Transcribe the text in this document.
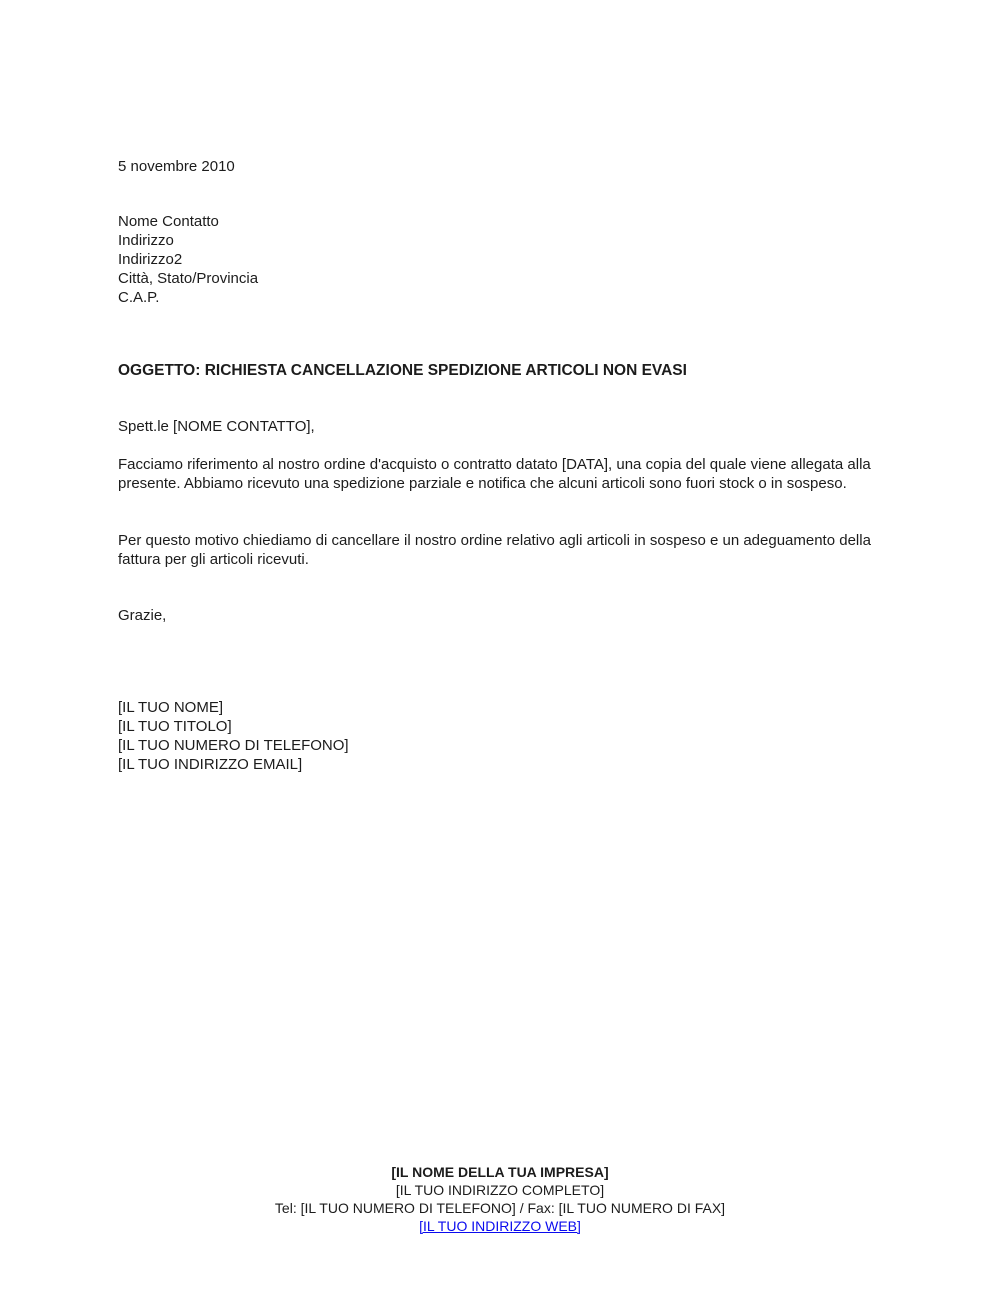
5 novembre 2010
Nome Contatto
Indirizzo
Indirizzo2
Città, Stato/Provincia
C.A.P.
OGGETTO: RICHIESTA CANCELLAZIONE SPEDIZIONE ARTICOLI NON EVASI
Spett.le [NOME CONTATTO],
Facciamo riferimento al nostro ordine d'acquisto o contratto datato [DATA], una copia del quale viene allegata alla presente. Abbiamo ricevuto una spedizione parziale e notifica che alcuni articoli sono fuori stock o in sospeso.
Per questo motivo chiediamo di cancellare il nostro ordine relativo agli articoli in sospeso e un adeguamento della fattura per gli articoli ricevuti.
Grazie,
[IL TUO NOME]
[IL TUO TITOLO]
[IL TUO NUMERO DI TELEFONO]
[IL TUO INDIRIZZO EMAIL]
[IL NOME DELLA TUA IMPRESA]
[IL TUO INDIRIZZO COMPLETO]
Tel: [IL TUO NUMERO DI TELEFONO] / Fax: [IL TUO NUMERO DI FAX]
[IL TUO INDIRIZZO WEB]
